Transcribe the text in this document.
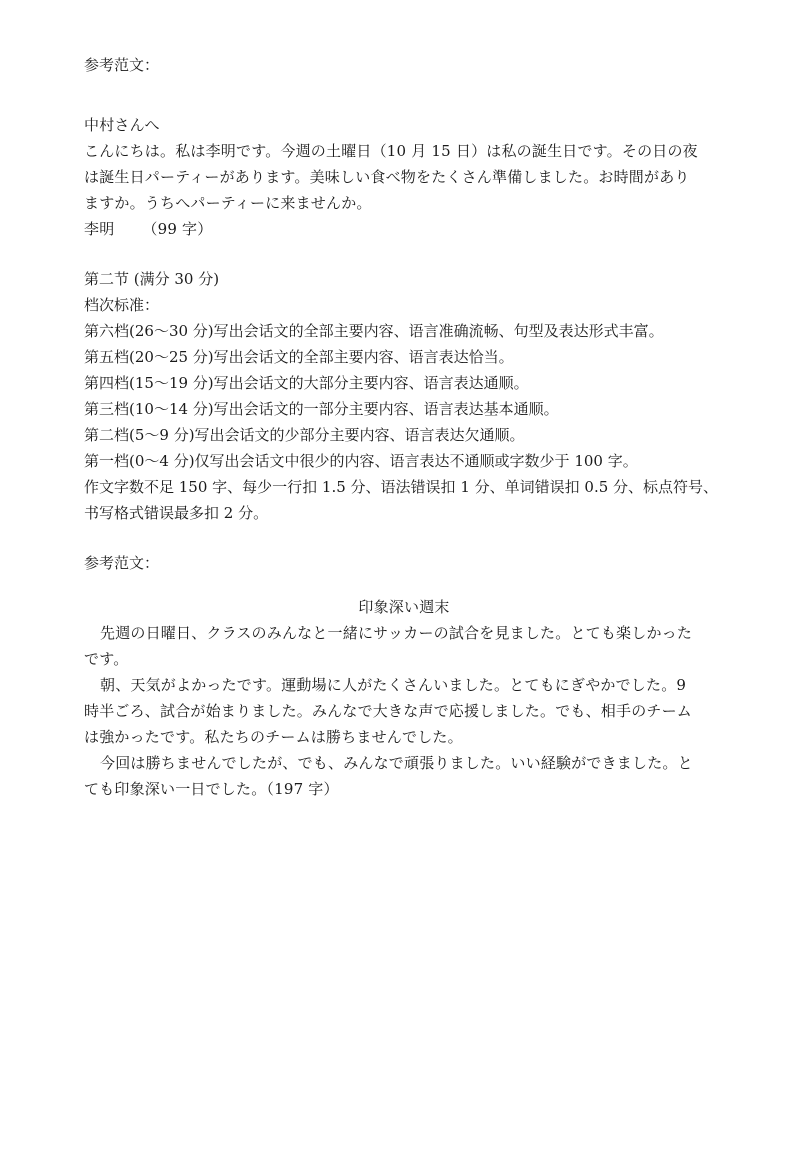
参考范文：
中村さんへ
こんにちは。私は李明です。今週の土曜日（10 月 15 日）は私の誕生日です。その日の夜
は誕生日パーティーがあります。美味しい食べ物をたくさん準備しました。お時間があり
ますか。うちへパーティーに来ませんか。
李明 （99 字）
第二节 (满分 30 分)
档次标准：
第六档(26～30 分)写出会话文的全部主要内容、语言准确流畅、句型及表达形式丰富。
第五档(20～25 分)写出会话文的全部主要内容、语言表达恰当。
第四档(15～19 分)写出会话文的大部分主要内容、语言表达通顺。
第三档(10～14 分)写出会话文的一部分主要内容、语言表达基本通顺。
第二档(5～9 分)写出会话文的少部分主要内容、语言表达欠通顺。
第一档(0～4 分)仅写出会话文中很少的内容、语言表达不通顺或字数少于 100 字。
作文字数不足 150 字、每少一行扣 1.5 分、语法错误扣 1 分、单词错误扣 0.5 分、标点符号、
书写格式错误最多扣 2 分。
参考范文：
印象深い週末
先週の日曜日、クラスのみんなと一緒にサッカーの試合を見ました。とても楽しかった
です。
朝、天気がよかったです。運動場に人がたくさんいました。とてもにぎやかでした。9
時半ごろ、試合が始まりました。みんなで大きな声で応援しました。でも、相手のチーム
は強かったです。私たちのチームは勝ちませんでした。
今回は勝ちませんでしたが、でも、みんなで頑張りました。いい経験ができました。と
ても印象深い一日でした。（197 字）
